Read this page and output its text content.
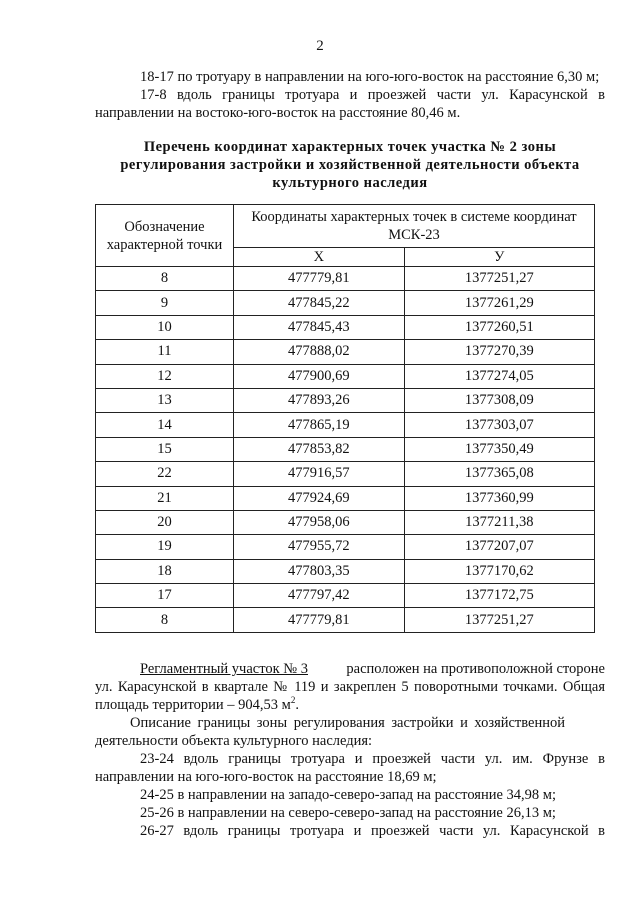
2
18-17 по тротуару в направлении на юго-юго-восток на расстояние 6,30 м;
17-8 вдоль границы тротуара и проезжей части ул. Карасунской в
направлении на востоко-юго-восток на расстояние 80,46 м.
Перечень координат характерных точек участка № 2 зоны
регулирования застройки и хозяйственной деятельности объекта
культурного наследия
Обозначение характерной точки	Координаты характерных точек в системе координат МСК-23	
	X	У
8	477779,81	1377251,27
9	477845,22	1377261,29
10	477845,43	1377260,51
11	477888,02	1377270,39
12	477900,69	1377274,05
13	477893,26	1377308,09
14	477865,19	1377303,07
15	477853,82	1377350,49
22	477916,57	1377365,08
21	477924,69	1377360,99
20	477958,06	1377211,38
19	477955,72	1377207,07
18	477803,35	1377170,62
17	477797,42	1377172,75
8	477779,81	1377251,27
Регламентный участок № 3	расположен на противоположной стороне
ул. Карасунской в квартале № 119 и закреплен 5 поворотными точками. Общая
площадь территории – 904,53 $м^2$.
Описание границы зоны регулирования застройки и хозяйственной
деятельности объекта культурного наследия:
23-24 вдоль границы тротуара и проезжей части ул. им. Фрунзе в
направлении на юго-юго-восток на расстояние 18,69 м;
24-25 в направлении на западо-северо-запад на расстояние 34,98 м;
25-26 в направлении на северо-северо-запад на расстояние 26,13 м;
26-27 вдоль границы тротуара и проезжей части ул. Карасунской в
